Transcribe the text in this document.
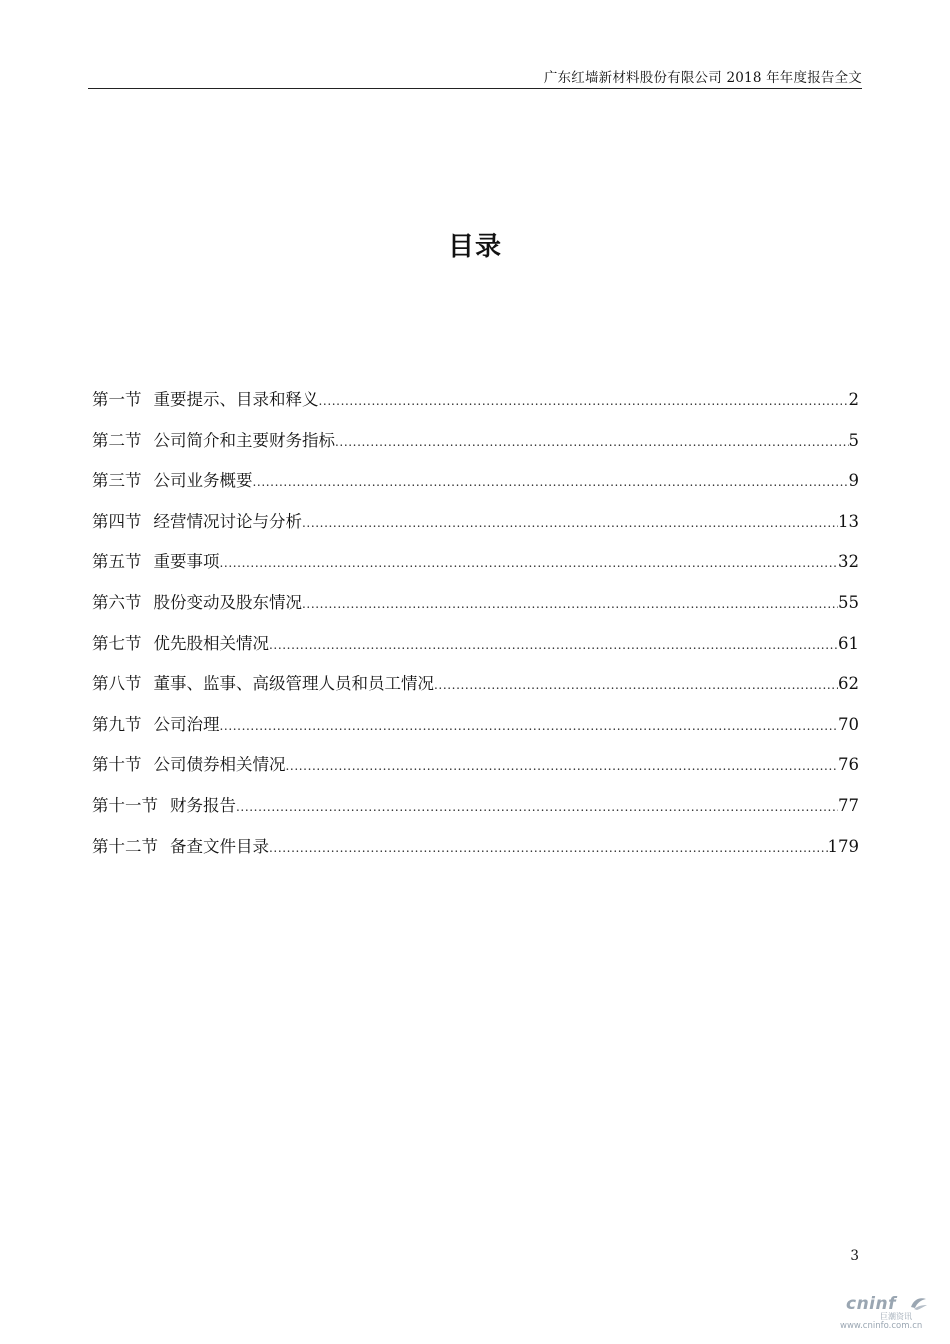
广东红墙新材料股份有限公司 2018 年年度报告全文
目录
第一节 重要提示、目录和释义 .....	2
第二节 公司简介和主要财务指标 .....	5
第三节 公司业务概要 .....	9
第四节 经营情况讨论与分析 .....	13
第五节 重要事项 .....	32
第六节 股份变动及股东情况 .....	55
第七节 优先股相关情况 .....	61
第八节 董事、监事、高级管理人员和员工情况 .....	62
第九节 公司治理 .....	70
第十节 公司债券相关情况 .....	76
第十一节 财务报告 .....	77
第十二节 备查文件目录 .....	179
3
cninf
巨潮资讯
www.cninfo.com.cn
